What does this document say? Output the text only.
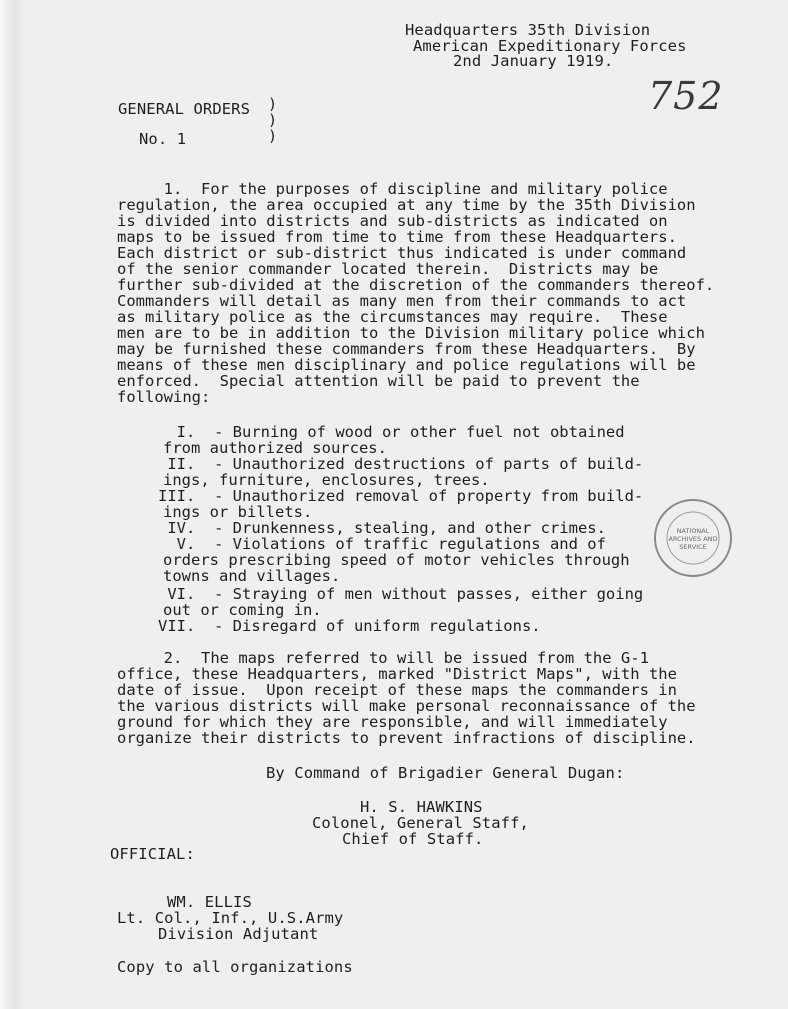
Headquarters 35th Division
American Expeditionary Forces
2nd January 1919.
752
GENERAL ORDERS
No. 1
)
)
)
1.  For the purposes of discipline and military police
regulation, the area occupied at any time by the 35th Division
is divided into districts and sub-districts as indicated on
maps to be issued from time to time from these Headquarters.
Each district or sub-district thus indicated is under command
of the senior commander located therein.  Districts may be
further sub-divided at the discretion of the commanders thereof.
Commanders will detail as many men from their commands to act
as military police as the circumstances may require.  These
men are to be in addition to the Division military police which
may be furnished these commanders from these Headquarters.  By
means of these men disciplinary and police regulations will be
enforced.  Special attention will be paid to prevent the
following:
I. - Burning of wood or other fuel not obtained
from authorized sources.
II. - Unauthorized destructions of parts of build-
ings, furniture, enclosures, trees.
III. - Unauthorized removal of property from build-
ings or billets.
IV. - Drunkenness, stealing, and other crimes.
V. - Violations of traffic regulations and of
orders prescribing speed of motor vehicles through
towns and villages.
VI. - Straying of men without passes, either going
out or coming in.
VII. - Disregard of uniform regulations.
NATIONAL
ARCHIVES AND
SERVICE
2.  The maps referred to will be issued from the G-1
office, these Headquarters, marked "District Maps", with the
date of issue.  Upon receipt of these maps the commanders in
the various districts will make personal reconnaissance of the
ground for which they are responsible, and will immediately
organize their districts to prevent infractions of discipline.
By Command of Brigadier General Dugan:
H. S. HAWKINS
Colonel, General Staff,
Chief of Staff.
OFFICIAL:
WM. ELLIS
Lt. Col., Inf., U.S.Army
Division Adjutant
Copy to all organizations
